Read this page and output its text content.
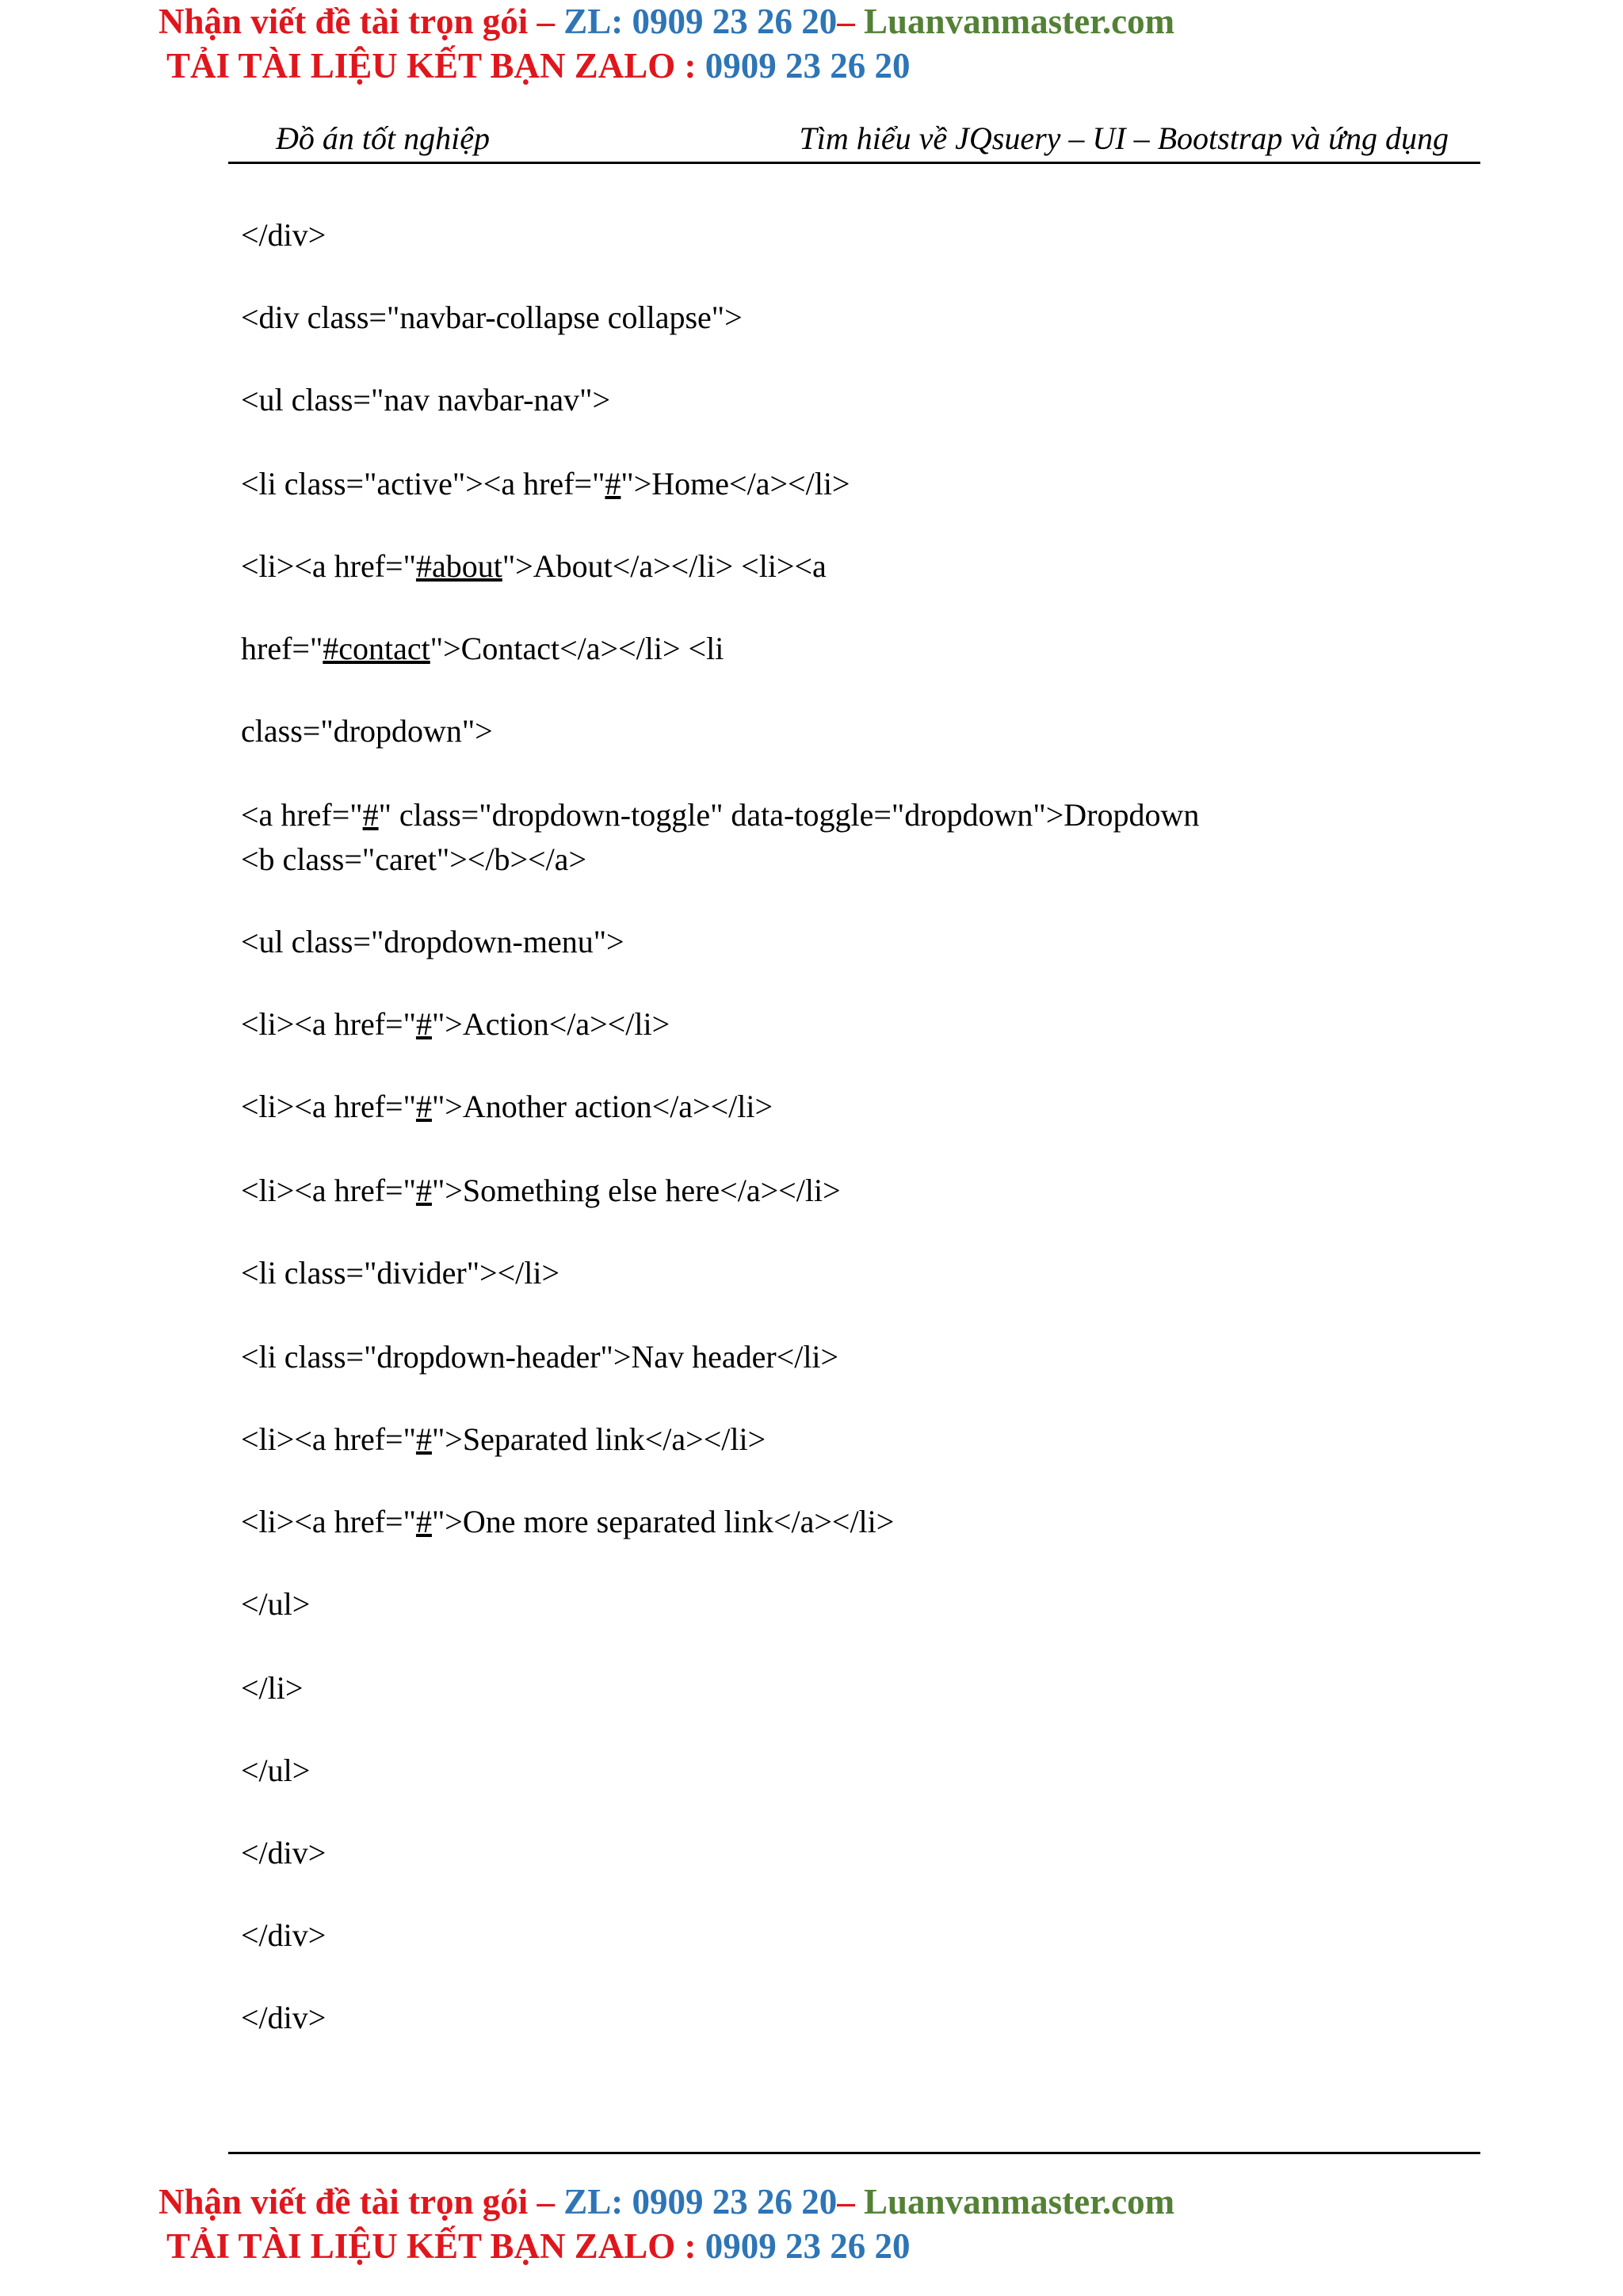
Nhận viết đề tài trọn gói – ZL: 0909 23 26 20– Luanvanmaster.com
TẢI TÀI LIỆU KẾT BẠN ZALO : 0909 23 26 20
Đồ án tốt nghiệp	Tìm hiểu về JQsuery – UI – Bootstrap và ứng dụng
</div>
<div class="navbar-collapse collapse">
<ul class="nav navbar-nav">
<li class="active"><a href="#">Home</a></li>
<li><a href="#about">About</a></li> <li><a
href="#contact">Contact</a></li> <li
class="dropdown">
<a href="#" class="dropdown-toggle" data-toggle="dropdown">Dropdown
<b class="caret"></b></a>
<ul class="dropdown-menu">
<li><a href="#">Action</a></li>
<li><a href="#">Another action</a></li>
<li><a href="#">Something else here</a></li>
<li class="divider"></li>
<li class="dropdown-header">Nav header</li>
<li><a href="#">Separated link</a></li>
<li><a href="#">One more separated link</a></li>
</ul>
</li>
</ul>
</div>
</div>
</div>
Nhận viết đề tài trọn gói – ZL: 0909 23 26 20– Luanvanmaster.com
TẢI TÀI LIỆU KẾT BẠN ZALO : 0909 23 26 20
